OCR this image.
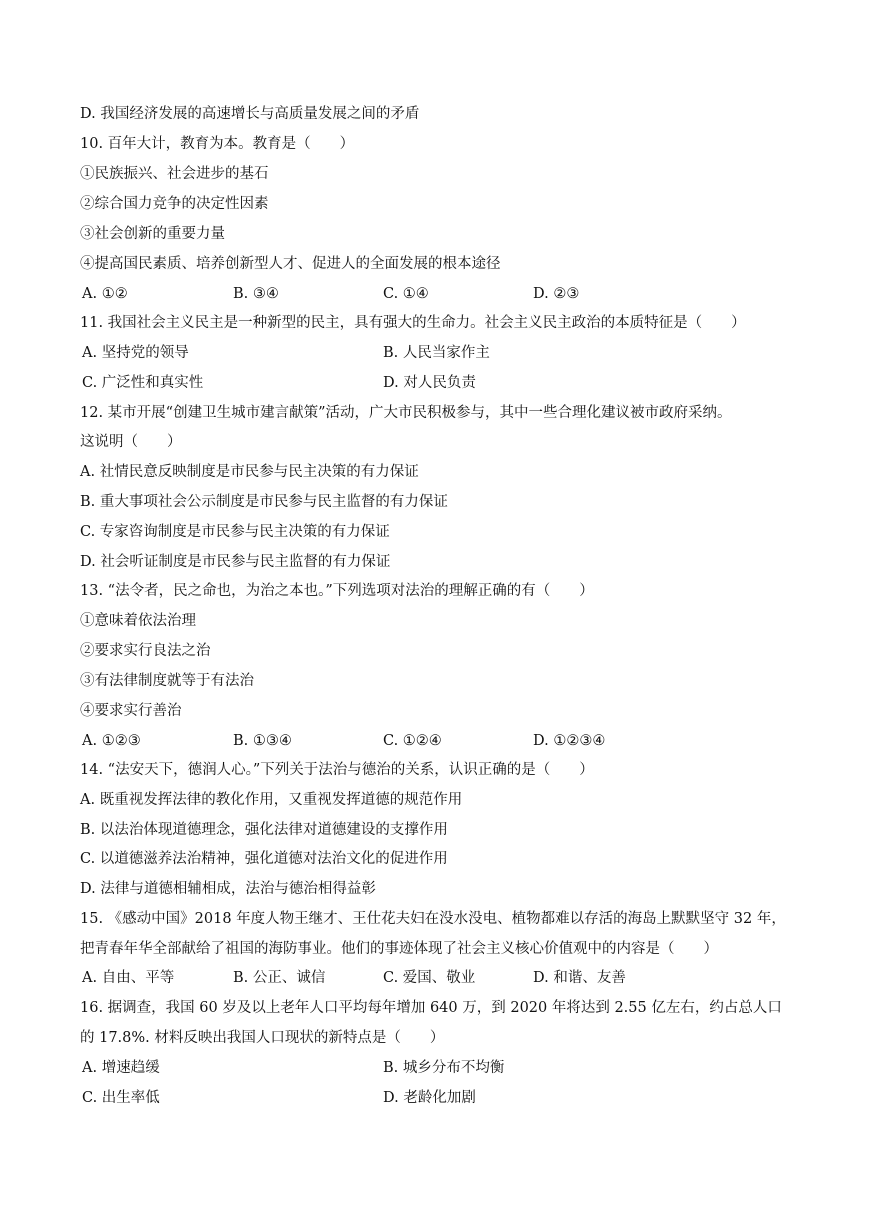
D. 我国经济发展的高速增长与高质量发展之间的矛盾
10. 百年大计，教育为本。教育是（　　）
①民族振兴、社会进步的基石
②综合国力竞争的决定性因素
③社会创新的重要力量
④提高国民素质、培养创新型人才、促进人的全面发展的根本途径
A. ①②	B. ③④	C. ①④	D. ②③
11. 我国社会主义民主是一种新型的民主，具有强大的生命力。社会主义民主政治的本质特征是（　　）
A. 坚持党的领导	B. 人民当家作主
C. 广泛性和真实性	D. 对人民负责
12. 某市开展“创建卫生城市建言献策”活动，广大市民积极参与，其中一些合理化建议被市政府采纳。
这说明（　　）
A. 社情民意反映制度是市民参与民主决策的有力保证
B. 重大事项社会公示制度是市民参与民主监督的有力保证
C. 专家咨询制度是市民参与民主决策的有力保证
D. 社会听证制度是市民参与民主监督的有力保证
13. “法令者，民之命也，为治之本也。”下列选项对法治的理解正确的有（　　）
①意味着依法治理
②要求实行良法之治
③有法律制度就等于有法治
④要求实行善治
A. ①②③	B. ①③④	C. ①②④	D. ①②③④
14. “法安天下，德润人心。”下列关于法治与德治的关系，认识正确的是（　　）
A. 既重视发挥法律的教化作用，又重视发挥道德的规范作用
B. 以法治体现道德理念，强化法律对道德建设的支撑作用
C. 以道德滋养法治精神，强化道德对法治文化的促进作用
D. 法律与道德相辅相成，法治与德治相得益彰
15. 《感动中国》2018 年度人物王继才、王仕花夫妇在没水没电、植物都难以存活的海岛上默默坚守 32 年，
把青春年华全部献给了祖国的海防事业。他们的事迹体现了社会主义核心价值观中的内容是（　　）
A. 自由、平等	B. 公正、诚信	C. 爱国、敬业	D. 和谐、友善
16. 据调查，我国 60 岁及以上老年人口平均每年增加 640 万，到 2020 年将达到 2.55 亿左右，约占总人口
的 17.8%. 材料反映出我国人口现状的新特点是（　　）
A. 增速趋缓	B. 城乡分布不均衡
C. 出生率低	D. 老龄化加剧
